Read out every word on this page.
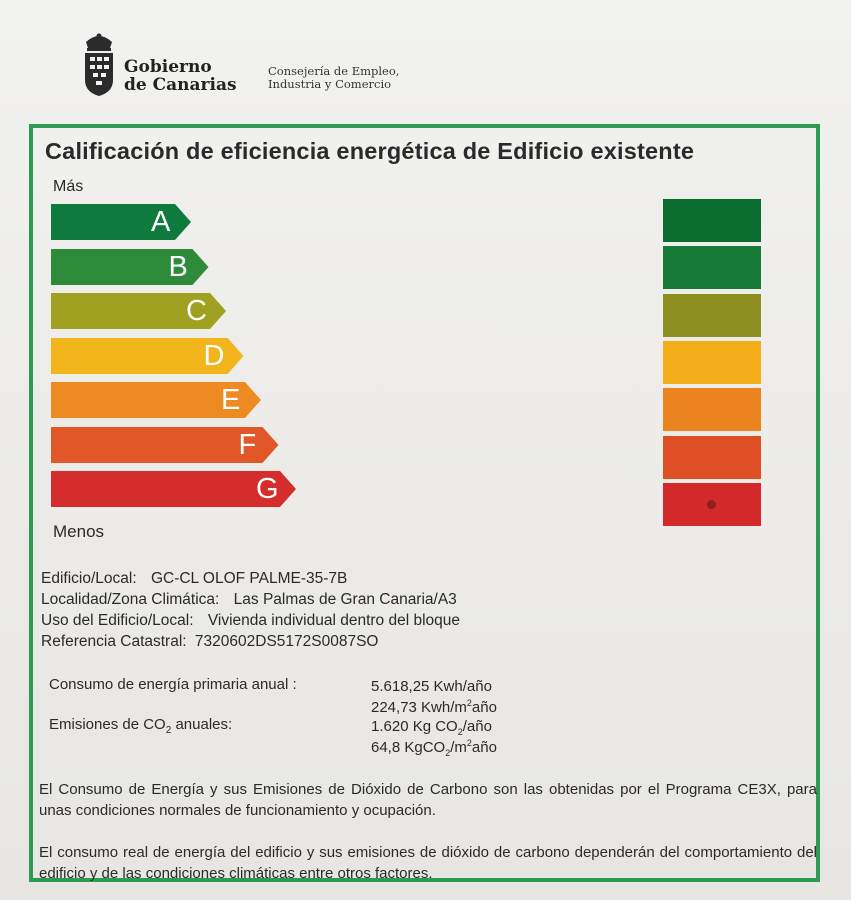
Gobierno
de Canarias
Consejería de Empleo,
Industria y Comercio
Calificación de eficiencia energética de Edificio existente
Más
A
B
C
D
E
F
G
Menos
Edificio/Local: GC-CL OLOF PALME-35-7B
Localidad/Zona Climática: Las Palmas de Gran Canaria/A3
Uso del Edificio/Local: Vivienda individual dentro del bloque
Referencia Catastral: 7320602DS5172S0087SO
Consumo de energía primaria anual :	5.618,25 Kwh/año
224,73 Kwh/$m^2año$
Emisiones de $CO_2$ anuales:	1.620 Kg $CO_2$/año
64,8 $KgCO_2/m^2año$
El Consumo de Energía y sus Emisiones de Dióxido de Carbono son las obtenidas por el Programa CE3X, para unas condiciones normales de funcionamiento y ocupación.
El consumo real de energía del edificio y sus emisiones de dióxido de carbono dependerán del comportamiento del edificio y de las condiciones climáticas entre otros factores.
